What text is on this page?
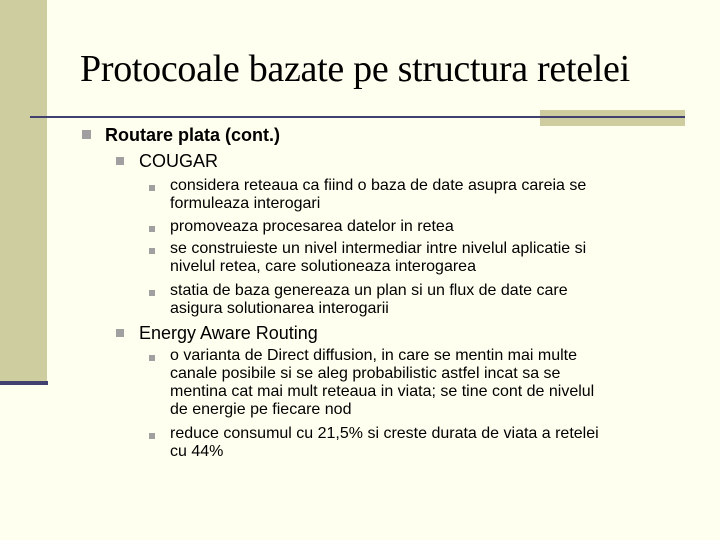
Protocoale bazate pe structura retelei
Routare plata (cont.)
COUGAR
considera reteaua ca fiind o baza de date asupra careia se
formuleaza interogari
promoveaza procesarea datelor in retea
se construieste un nivel intermediar intre nivelul aplicatie si
nivelul retea, care solutioneaza interogarea
statia de baza genereaza un plan si un flux de date care
asigura solutionarea interogarii
Energy Aware Routing
o varianta de Direct diffusion, in care se mentin mai multe
canale posibile si se aleg probabilistic astfel incat sa se
mentina cat mai mult reteaua in viata; se tine cont de nivelul
de energie pe fiecare nod
reduce consumul cu 21,5% si creste durata de viata a retelei
cu 44%
